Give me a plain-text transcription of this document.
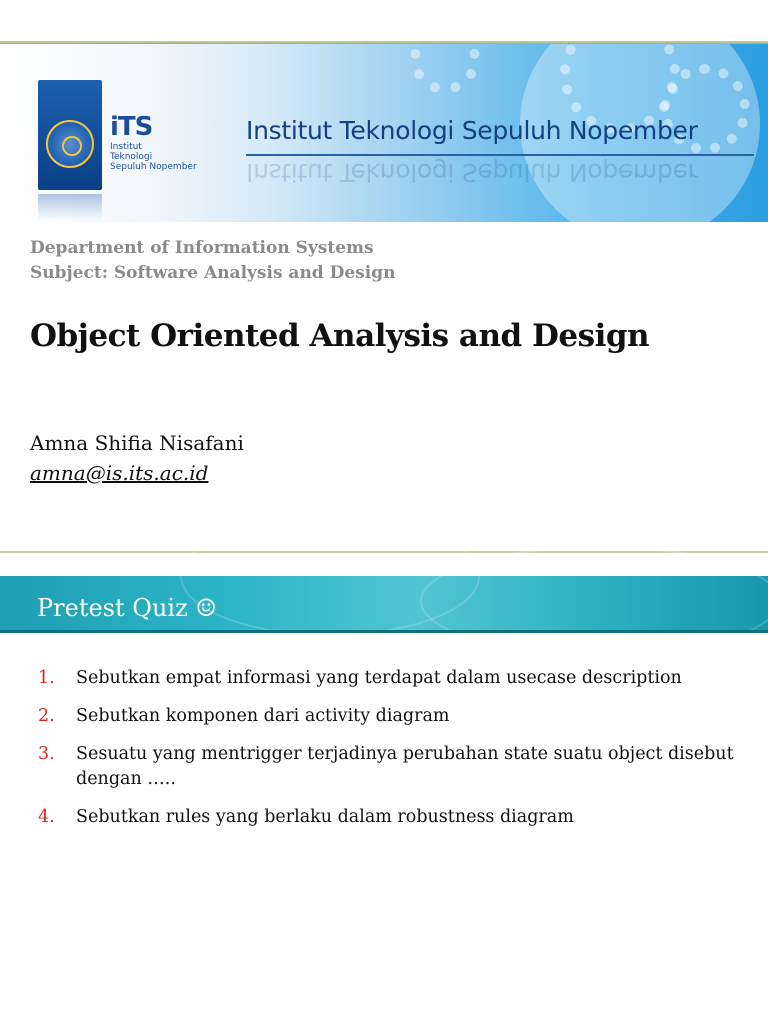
iTS
Institut
Teknologi
Sepuluh Nopember
Institut Teknologi Sepuluh Nopember
Institut Teknologi Sepuluh Nopember
Department of Information Systems
Subject: Software Analysis and Design
Object Oriented Analysis and Design
Amna Shifia Nisafani
amna@is.its.ac.id
Pretest Quiz ☺
1.	Sebutkan empat informasi yang terdapat dalam usecase description
2.	Sebutkan komponen dari activity diagram
3.	Sesuatu yang mentrigger terjadinya perubahan state suatu object disebut dengan …..
4.	Sebutkan rules yang berlaku dalam robustness diagram
